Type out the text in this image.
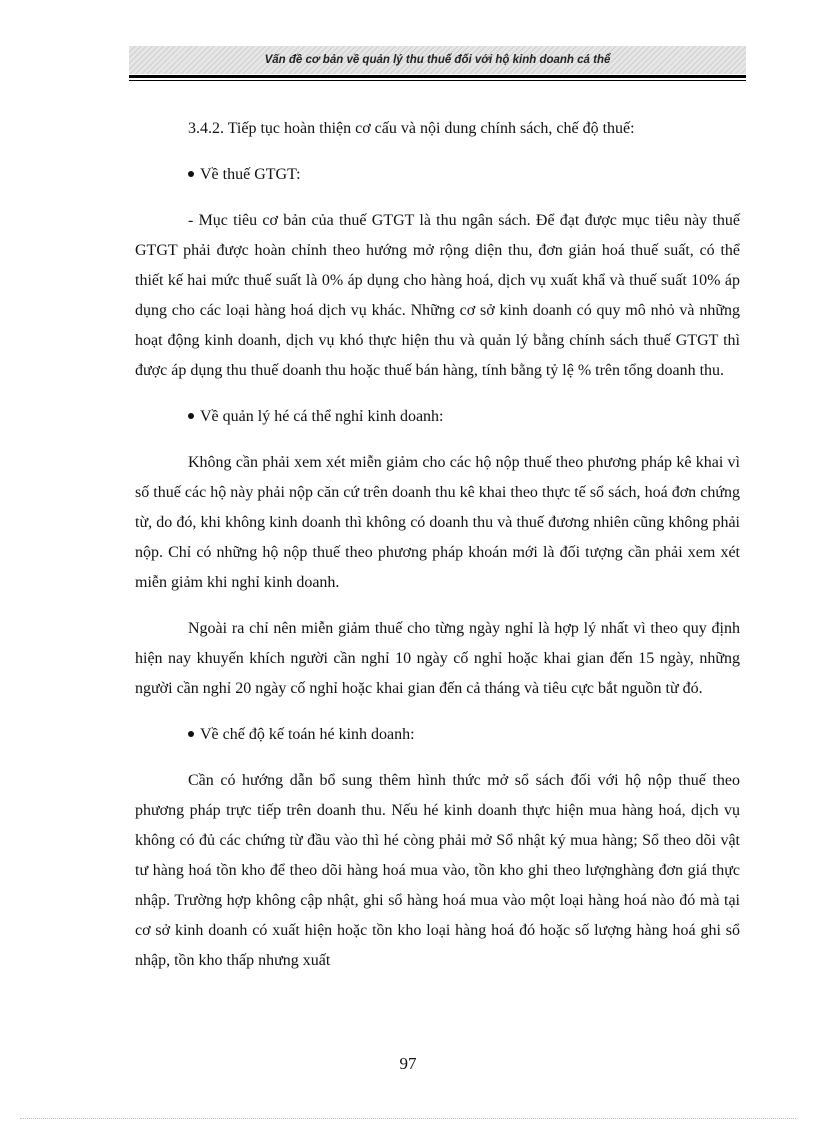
Vấn đề cơ bản về quản lý thu thuế đối với hộ kinh doanh cá thể

3.4.2. Tiếp tục hoàn thiện cơ cấu và nội dung chính sách, chế độ thuế:

Về thuế GTGT:

- Mục tiêu cơ bản của thuế GTGT là thu ngân sách. Để đạt được mục tiêu này thuế GTGT phải được hoàn chỉnh theo hướng mở rộng diện thu, đơn giản hoá thuế suất, có thể thiết kế hai mức thuế suất là 0% áp dụng cho hàng hoá, dịch vụ xuất khẩ và thuế suất 10% áp dụng cho các loại hàng hoá dịch vụ khác. Những cơ sở kinh doanh có quy mô nhỏ và những hoạt động kinh doanh, dịch vụ khó thực hiện thu và quản lý bằng chính sách thuế GTGT thì được áp dụng thu thuế doanh thu hoặc thuế bán hàng, tính bằng tỷ lệ % trên tổng doanh thu.

Về quản lý hé cá thể nghỉ kinh doanh:

Không cần phải xem xét miễn giảm cho các hộ nộp thuế theo phương pháp kê khai vì số thuế các hộ này phải nộp căn cứ trên doanh thu kê khai theo thực tế sổ sách, hoá đơn chứng từ, do đó, khi không kinh doanh thì không có doanh thu và thuế đương nhiên cũng không phải nộp. Chỉ có những hộ nộp thuế theo phương pháp khoán mới là đối tượng cần phải xem xét miễn giảm khi nghỉ kinh doanh.

Ngoài ra chỉ nên miễn giảm thuế cho từng ngày nghỉ là hợp lý nhất vì theo quy định hiện nay khuyến khích người cần nghỉ 10 ngày cố nghỉ hoặc khai gian đến 15 ngày, những người cần nghỉ 20 ngày cố nghỉ hoặc khai gian đến cả tháng và tiêu cực bắt nguồn từ đó.

Về chế độ kế toán hé kinh doanh:

Cần có hướng dẫn bổ sung thêm hình thức mở sổ sách đối với hộ nộp thuế theo phương pháp trực tiếp trên doanh thu. Nếu hé kinh doanh thực hiện mua hàng hoá, dịch vụ không có đủ các chứng từ đầu vào thì hé còng phải mở Sổ nhật ký mua hàng; Sổ theo dõi vật tư hàng hoá tồn kho để theo dõi hàng hoá mua vào, tồn kho ghi theo lượnghàng đơn giá thực nhập. Trường hợp không cập nhật, ghi sổ hàng hoá mua vào một loại hàng hoá nào đó mà tại cơ sở kinh doanh có xuất hiện hoặc tồn kho loại hàng hoá đó hoặc số lượng hàng hoá ghi sổ nhập, tồn kho thấp nhưng xuất

97
